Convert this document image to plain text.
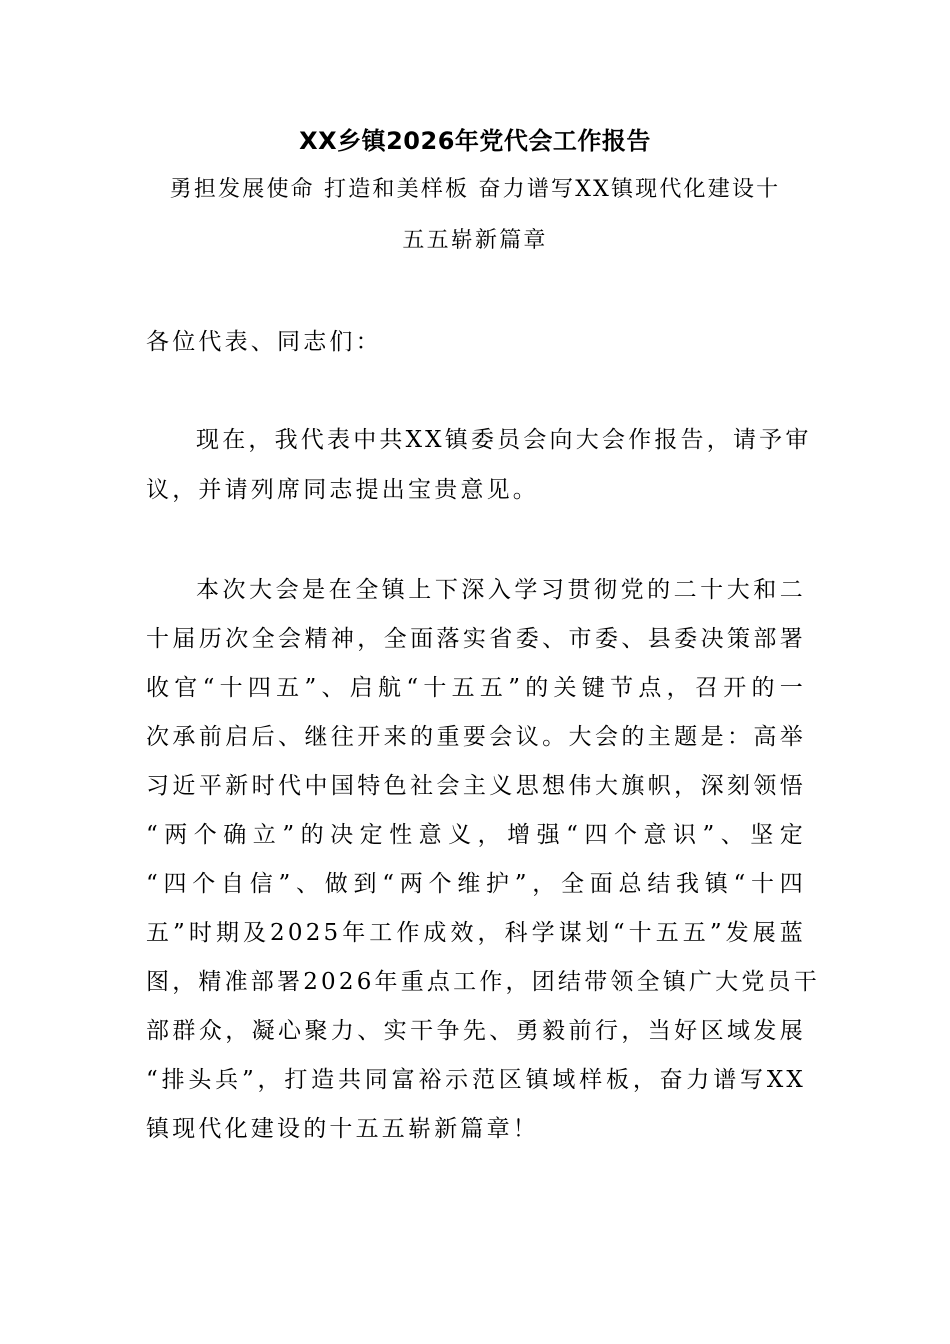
XX乡镇2026年党代会工作报告
勇担发展使命 打造和美样板 奋力谱写XX镇现代化建设十
五五崭新篇章
各位代表、同志们：
现在，我代表中共XX镇委员会向大会作报告，请予审
议，并请列席同志提出宝贵意见。
本次大会是在全镇上下深入学习贯彻党的二十大和二
十届历次全会精神，全面落实省委、市委、县委决策部署
收官“十四五”、启航“十五五”的关键节点，召开的一
次承前启后、继往开来的重要会议。大会的主题是：高举
习近平新时代中国特色社会主义思想伟大旗帜，深刻领悟
“两个确立”的决定性意义，增强“四个意识”、坚定
“四个自信”、做到“两个维护”，全面总结我镇“十四
五”时期及2025年工作成效，科学谋划“十五五”发展蓝
图，精准部署2026年重点工作，团结带领全镇广大党员干
部群众，凝心聚力、实干争先、勇毅前行，当好区域发展
“排头兵”，打造共同富裕示范区镇域样板，奋力谱写XX
镇现代化建设的十五五崭新篇章！
